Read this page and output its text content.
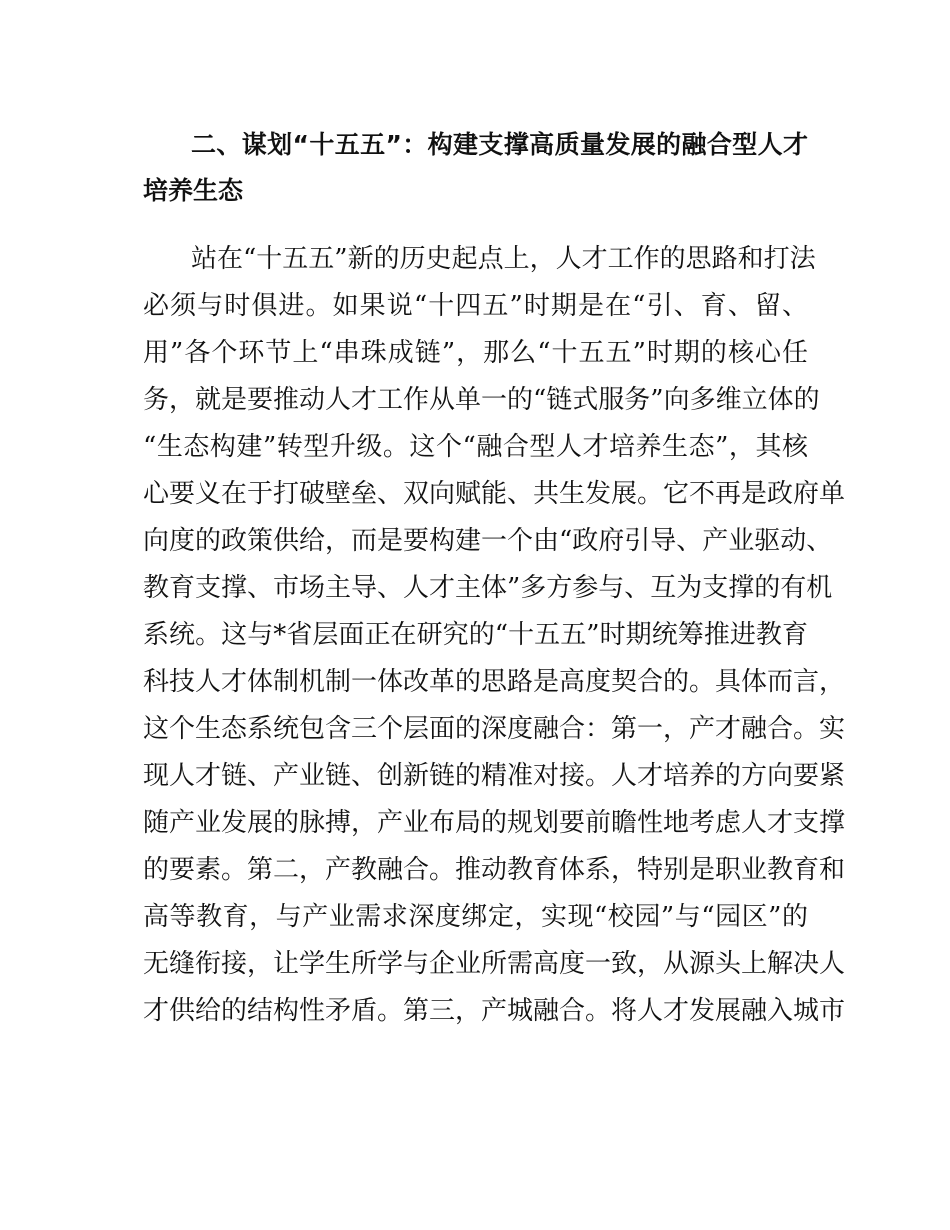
二、谋划“十五五”：构建支撑高质量发展的融合型人才
培养生态
站在“十五五”新的历史起点上，人才工作的思路和打法
必须与时俱进。如果说“十四五”时期是在“引、育、留、
用”各个环节上“串珠成链”，那么“十五五”时期的核心任
务，就是要推动人才工作从单一的“链式服务”向多维立体的
“生态构建”转型升级。这个“融合型人才培养生态”，其核
心要义在于打破壁垒、双向赋能、共生发展。它不再是政府单
向度的政策供给，而是要构建一个由“政府引导、产业驱动、
教育支撑、市场主导、人才主体”多方参与、互为支撑的有机
系统。这与*省层面正在研究的“十五五”时期统筹推进教育
科技人才体制机制一体改革的思路是高度契合的。具体而言，
这个生态系统包含三个层面的深度融合：第一，产才融合。实
现人才链、产业链、创新链的精准对接。人才培养的方向要紧
随产业发展的脉搏，产业布局的规划要前瞻性地考虑人才支撑
的要素。第二，产教融合。推动教育体系，特别是职业教育和
高等教育，与产业需求深度绑定，实现“校园”与“园区”的
无缝衔接，让学生所学与企业所需高度一致，从源头上解决人
才供给的结构性矛盾。第三，产城融合。将人才发展融入城市
